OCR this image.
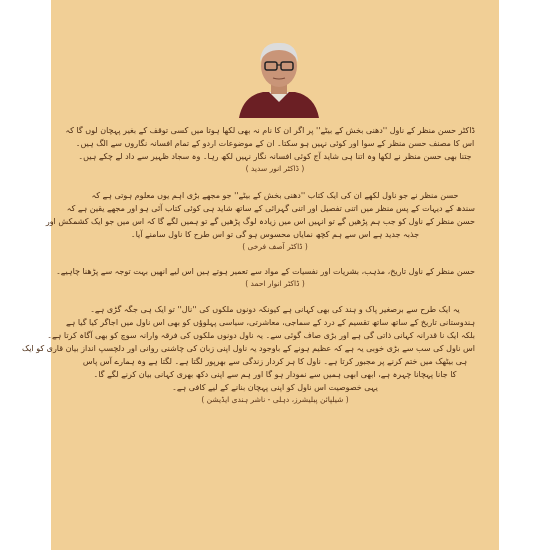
ڈاکٹر حسن منظر کے ناول ''دھنی بخش کے بیٹے'' پر اگر ان کا نام نہ بھی لکھا ہوتا میں کسی توقف کے بغیر پہچان لوں گا کہ
اس کا مصنف حسن منظر کے سوا اور کوئی نہیں ہو سکتا۔ ان کے موضوعات اردو کے تمام افسانہ نگاروں سے الگ ہیں۔
جتنا بھی حسن منظر نے لکھا وہ اتنا ہی شاید آج کوئی افسانہ نگار نہیں لکھ رہا۔ وہ سجاد ظہیر سے داد لے چکے ہیں۔
( ڈاکٹر انور سدید )
حسن منظر نے جو ناول لکھے ان کی ایک کتاب ''دھنی بخش کے بیٹے'' جو مجھے بڑی اہم یوں معلوم ہوتی ہے کہ
سندھ کے دیہات کے پس منظر میں اتنی تفصیل اور اتنی گہرائی کے ساتھ شاید ہی کوئی کتاب آئی ہو اور مجھے یقین ہے کہ
حسن منظر کے ناول کو جب ہم پڑھیں گے تو انہیں اس میں زیادہ لوگ پڑھیں گے تو ہمیں لگے گا کہ اس میں جو ایک کشمکش اور
جذبہ جدید ہے اس سے ہم کچھ نمایاں محسوس ہو گی تو اس طرح کا ناول سامنے آیا۔
( ڈاکٹر آصف فرخی )
حسن منظر کے ناول تاریخ، مذہب، بشریات اور نفسیات کے مواد سے تعمیر ہوتے ہیں اس لیے انھیں بہت توجہ سے پڑھنا چاہیے۔
( ڈاکٹر انوار احمد )
یہ ایک طرح سے برصغیر پاک و ہند کی بھی کہانی ہے کیونکہ دونوں ملکوں کی ''نال'' تو ایک ہی جگہ گڑی ہے۔
ہندوستانی تاریخ کے ساتھ ساتھ تقسیم کے درد کے سماجی، معاشرتی، سیاسی پہلوؤں کو بھی اس ناول میں اجاگر کیا گیا ہے
بلکہ ایک نا قدرانہ کہانی ذاتی گی ہے اور بڑی صاف گوئی سے۔ یہ ناول دونوں ملکوں کی فرقہ وارانہ سوچ کو بھی آگاہ کرتا ہے۔
اس ناول کی سب سے بڑی خوبی یہ ہے کہ عظیم ہونے کے باوجود یہ ناول اپنی زبان کی چاشنی روانی اور دلچسپ انداز بیان قاری کو ایک
ہی بیٹھک میں ختم کرنے پر مجبور کرتا ہے۔ ناول کا ہر کردار زندگی سے بھرپور لگتا ہے۔ لگتا ہے وہ ہمارے آس پاس
کا جانا پہچانا چہرہ ہے، ابھی ابھی ہمیں سے نمودار ہو گا اور ہم سے اپنی دکھ بھری کہانی بیان کرنے لگے گا۔
یہی خصوصیت اس ناول کو اپنی پہچان بنانے کے لیے کافی ہے۔
( شیلپائن پبلیشرز، دہلی - ناشر ہندی ایڈیشن )
